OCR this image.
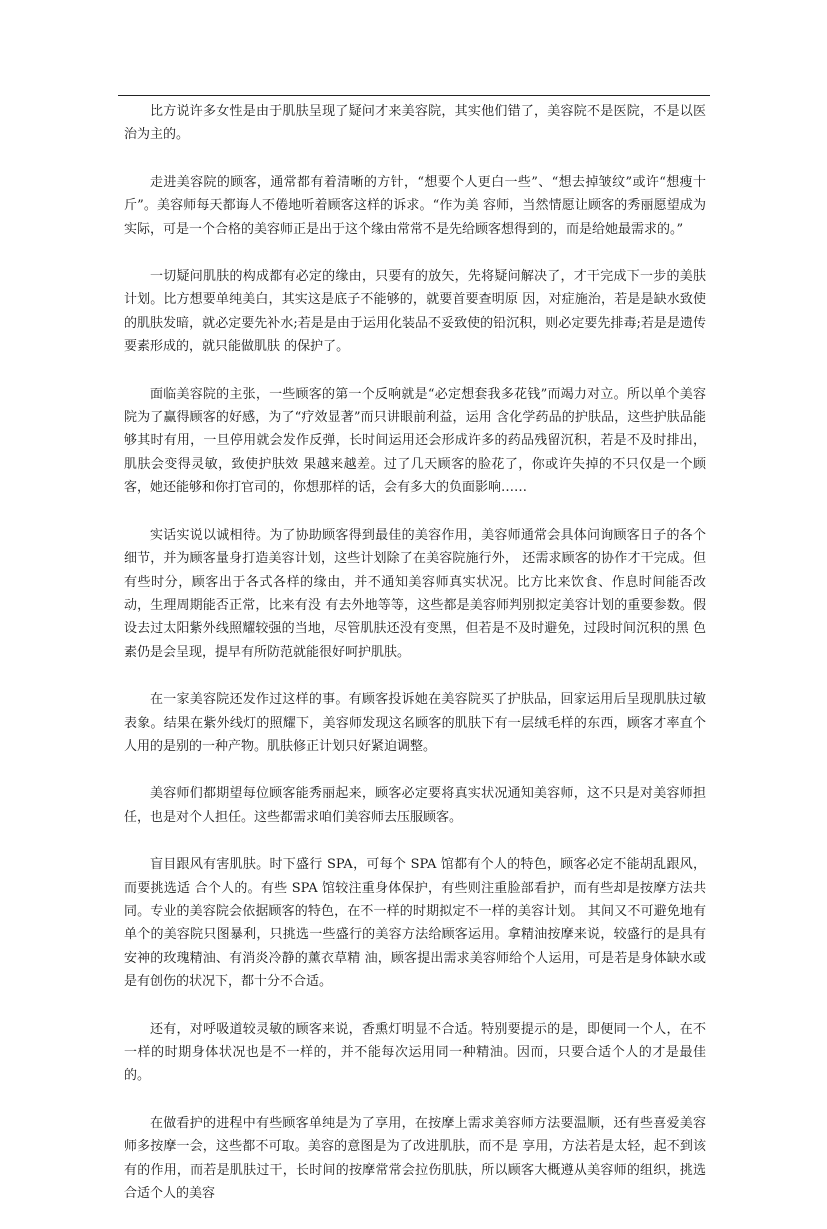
比方说许多女性是由于肌肤呈现了疑问才来美容院，其实他们错了，美容院不是医院，不是以医治为主的。

走进美容院的顾客，通常都有着清晰的方针，“想要个人更白一些”、“想去掉皱纹”或许“想瘦十斤”。美容师每天都诲人不倦地听着顾客这样的诉求。“作为美 容师，当然情愿让顾客的秀丽愿望成为实际，可是一个合格的美容师正是出于这个缘由常常不是先给顾客想得到的，而是给她最需求的。”

一切疑问肌肤的构成都有必定的缘由，只要有的放矢，先将疑问解决了，才干完成下一步的美肤计划。比方想要单纯美白，其实这是底子不能够的，就要首要查明原 因，对症施治，若是是缺水致使的肌肤发暗，就必定要先补水;若是是由于运用化装品不妥致使的铅沉积，则必定要先排毒;若是是遗传要素形成的，就只能做肌肤 的保护了。

面临美容院的主张，一些顾客的第一个反响就是“必定想套我多花钱”而竭力对立。所以单个美容院为了赢得顾客的好感，为了“疗效显著”而只讲眼前利益，运用 含化学药品的护肤品，这些护肤品能够其时有用，一旦停用就会发作反弹，长时间运用还会形成许多的药品残留沉积，若是不及时排出，肌肤会变得灵敏，致使护肤效 果越来越差。过了几天顾客的脸花了，你或许失掉的不只仅是一个顾客，她还能够和你打官司的，你想那样的话，会有多大的负面影响……

实话实说以诚相待。为了协助顾客得到最佳的美容作用，美容师通常会具体问询顾客日子的各个细节，并为顾客量身打造美容计划，这些计划除了在美容院施行外， 还需求顾客的协作才干完成。但有些时分，顾客出于各式各样的缘由，并不通知美容师真实状况。比方比来饮食、作息时间能否改动，生理周期能否正常，比来有没 有去外地等等，这些都是美容师判别拟定美容计划的重要参数。假设去过太阳紫外线照耀较强的当地，尽管肌肤还没有变黑，但若是不及时避免，过段时间沉积的黑 色素仍是会呈现，提早有所防范就能很好呵护肌肤。

在一家美容院还发作过这样的事。有顾客投诉她在美容院买了护肤品，回家运用后呈现肌肤过敏表象。结果在紫外线灯的照耀下，美容师发现这名顾客的肌肤下有一层绒毛样的东西，顾客才率直个人用的是别的一种产物。肌肤修正计划只好紧迫调整。

美容师们都期望每位顾客能秀丽起来，顾客必定要将真实状况通知美容师，这不只是对美容师担任，也是对个人担任。这些都需求咱们美容师去压服顾客。

盲目跟风有害肌肤。时下盛行 SPA，可每个 SPA 馆都有个人的特色，顾客必定不能胡乱跟风，而要挑选适 合个人的。有些 SPA 馆较注重身体保护，有些则注重脸部看护，而有些却是按摩方法共同。专业的美容院会依据顾客的特色，在不一样的时期拟定不一样的美容计划。 其间又不可避免地有单个的美容院只图暴利，只挑选一些盛行的美容方法给顾客运用。拿精油按摩来说，较盛行的是具有安神的玫瑰精油、有消炎冷静的薰衣草精 油，顾客提出需求美容师给个人运用，可是若是身体缺水或是有创伤的状况下，都十分不合适。

还有，对呼吸道较灵敏的顾客来说，香熏灯明显不合适。特别要提示的是，即便同一个人，在不一样的时期身体状况也是不一样的，并不能每次运用同一种精油。因而，只要合适个人的才是最佳的。

在做看护的进程中有些顾客单纯是为了享用，在按摩上需求美容师方法要温顺，还有些喜爱美容师多按摩一会，这些都不可取。美容的意图是为了改进肌肤，而不是 享用，方法若是太轻，起不到该有的作用，而若是肌肤过干，长时间的按摩常常会拉伤肌肤，所以顾客大概遵从美容师的组织，挑选合适个人的美容
